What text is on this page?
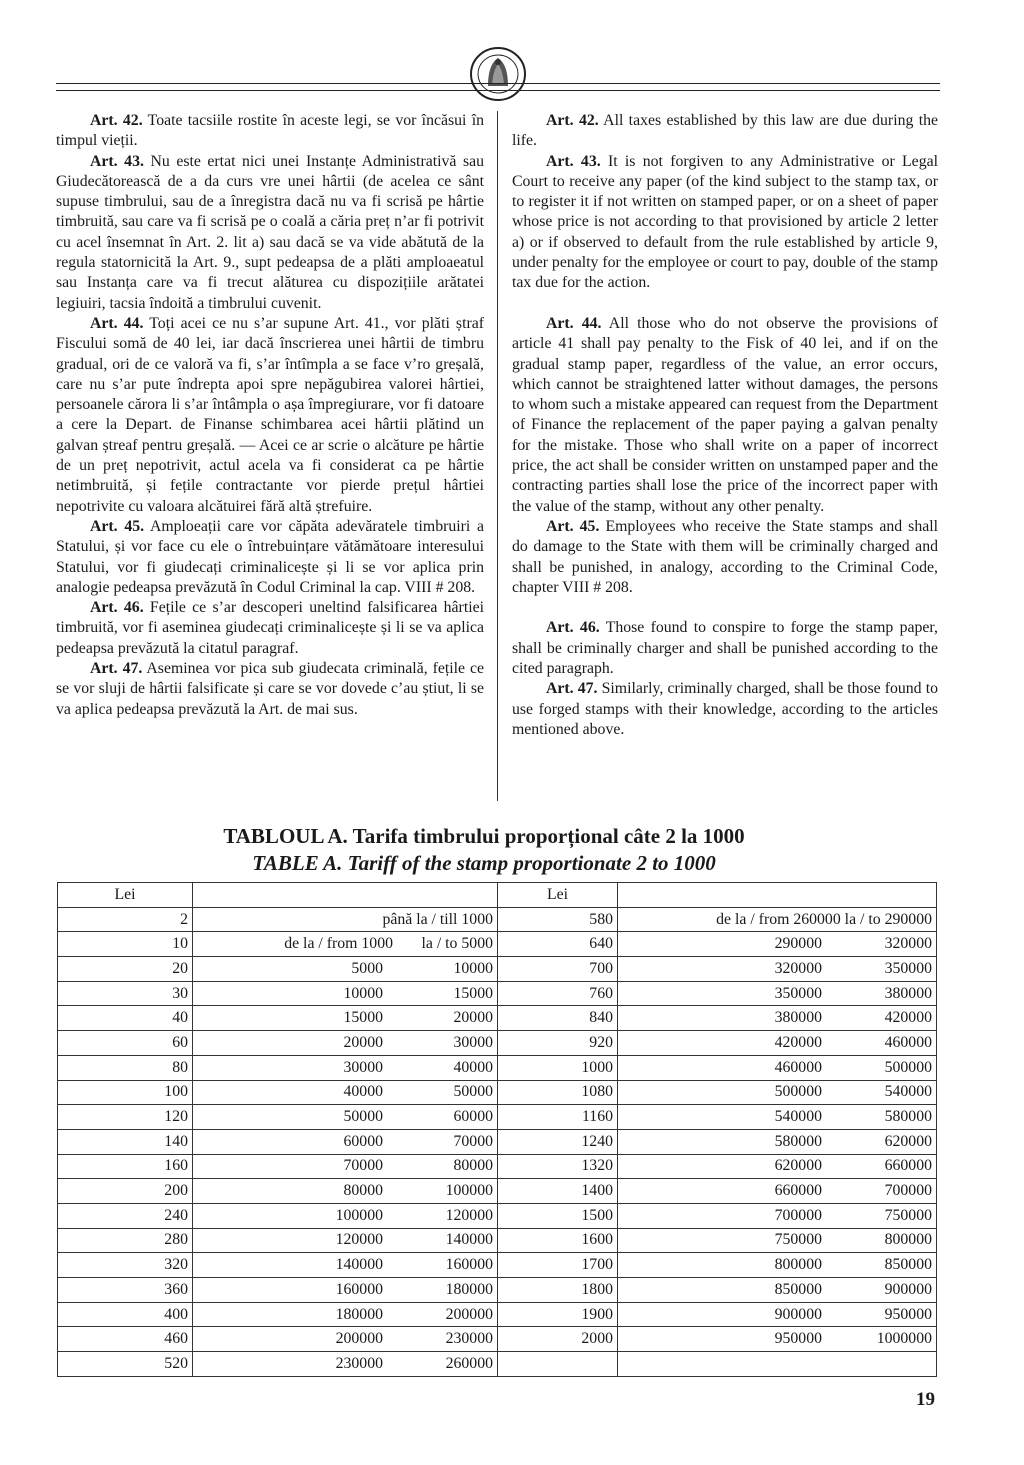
Art. 42. Toate tacsiile rostite în aceste legi, se vor încăsui în timpul vieții.

Art. 43. Nu este ertat nici unei Instanțe Administrativă sau Giudecătorească de a da curs vre unei hârtii (de acelea ce sânt supuse timbrului, sau de a înregistra dacă nu va fi scrisă pe hârtie timbruită, sau care va fi scrisă pe o coală a căria preț n’ar fi potrivit cu acel însemnat în Art. 2. lit a) sau dacă se va vide abătută de la regula statornicită la Art. 9., supt pedeapsa de a plăti amploaeatul sau Instanța care va fi trecut alăturea cu dispozițiile arătatei legiuiri, tacsia îndoită a timbrului cuvenit.

Art. 44. Toți acei ce nu s’ar supune Art. 41., vor plăti ștraf Fiscului somă de 40 lei, iar dacă înscrierea unei hârtii de timbru gradual, ori de ce valoră va fi, s’ar întîmpla a se face v’ro greșală, care nu s’ar pute îndrepta apoi spre nepăgubirea valorei hârtiei, persoanele cărora li s’ar întâmpla o așa împregiurare, vor fi datoare a cere la Depart. de Finanse schimbarea acei hârtii plătind un galvan ștreaf pentru greșală. — Acei ce ar scrie o alcăture pe hârtie de un preț nepotrivit, actul acela va fi considerat ca pe hârtie netimbruită, și fețile contractante vor pierde prețul hârtiei nepotrivite cu valoara alcătuirei fără altă ștrefuire.

Art. 45. Amploeații care vor căpăta adevăratele timbruiri a Statului, și vor face cu ele o întrebuințare vătămătoare interesului Statului, vor fi giudecați criminalicește și li se vor aplica prin analogie pedeapsa prevăzută în Codul Criminal la cap. VIII # 208.

Art. 46. Fețile ce s’ar descoperi uneltind falsificarea hârtiei timbruită, vor fi aseminea giudecați criminalicește și li se va aplica pedeapsa prevăzută la citatul paragraf.

Art. 47. Aseminea vor pica sub giudecata criminală, fețile ce se vor sluji de hârtii falsificate și care se vor dovede c’au știut, li se va aplica pedeapsa prevăzută la Art. de mai sus.

Art. 42. All taxes established by this law are due during the life.

Art. 43. It is not forgiven to any Administrative or Legal Court to receive any paper (of the kind subject to the stamp tax, or to register it if not written on stamped paper, or on a sheet of paper whose price is not according to that provisioned by article 2 letter a) or if observed to default from the rule established by article 9, under penalty for the employee or court to pay, double of the stamp tax due for the action.

Art. 44. All those who do not observe the provisions of article 41 shall pay penalty to the Fisk of 40 lei, and if on the gradual stamp paper, regardless of the value, an error occurs, which cannot be straightened latter without damages, the persons to whom such a mistake appeared can request from the Department of Finance the replacement of the paper paying a galvan penalty for the mistake. Those who shall write on a paper of incorrect price, the act shall be consider written on unstamped paper and the contracting parties shall lose the price of the incorrect paper with the value of the stamp, without any other penalty.

Art. 45. Employees who receive the State stamps and shall do damage to the State with them will be criminally charged and shall be punished, in analogy, according to the Criminal Code, chapter VIII # 208.

Art. 46. Those found to conspire to forge the stamp paper, shall be criminally charger and shall be punished according to the cited paragraph.

Art. 47. Similarly, criminally charged, shall be those found to use forged stamps with their knowledge, according to the articles mentioned above.

TABLOUL A. Tarifa timbrului proporțional câte 2 la 1000
TABLE A. Tariff of the stamp proportionate 2 to 1000
Lei		Lei	
2	până la / till 1000	580	de la / from 260000 la / to 290000
10	de la / from 1000 la / to 5000	640	290000 320000

20	5000 10000	700	320000 350000

30	10000 15000	760	350000 380000

40	15000 20000	840	380000 420000

60	20000 30000	920	420000 460000

80	30000 40000	1000	460000 500000

100	40000 50000	1080	500000 540000

120	50000 60000	1160	540000 580000

140	60000 70000	1240	580000 620000

160	70000 80000	1320	620000 660000

200	80000 100000	1400	660000 700000

240	100000 120000	1500	700000 750000

280	120000 140000	1600	750000 800000

320	140000 160000	1700	800000 850000

360	160000 180000	1800	850000 900000

400	180000 200000	1900	900000 950000

460	200000 230000	2000	950000 1000000

520	230000 260000		

19
